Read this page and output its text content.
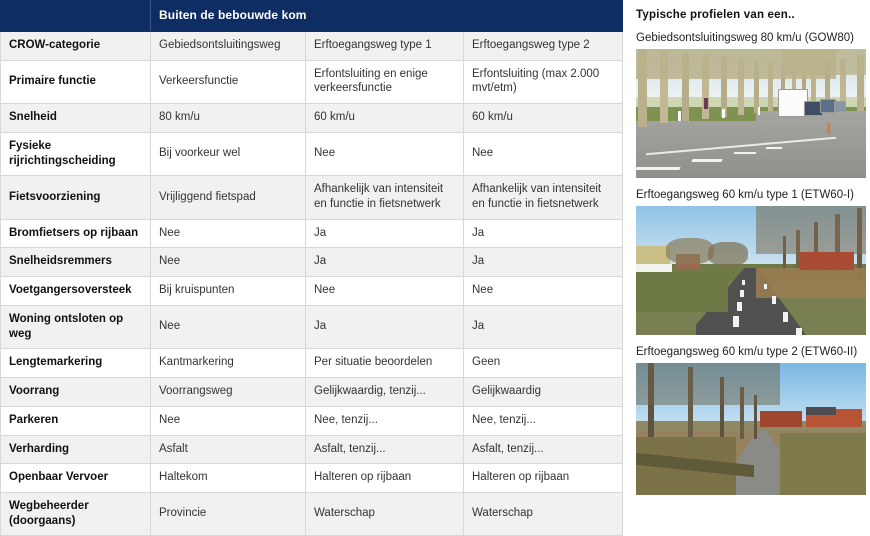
	Buiten de bebouwde kom		
CROW-categorie	Gebiedsontsluitingsweg	Erftoegangsweg type 1	Erftoegangsweg type 2
Primaire functie	Verkeersfunctie	Erfontsluiting en enige verkeersfunctie	Erfontsluiting (max 2.000 mvt/etm)
Snelheid	80 km/u	60 km/u	60 km/u
Fysieke rijrichtingscheiding	Bij voorkeur wel	Nee	Nee
Fietsvoorziening	Vrijliggend fietspad	Afhankelijk van intensiteit en functie in fietsnetwerk	Afhankelijk van intensiteit en functie in fietsnetwerk
Bromfietsers op rijbaan	Nee	Ja	Ja
Snelheidsremmers	Nee	Ja	Ja
Voetgangersoversteek	Bij kruispunten	Nee	Nee
Woning ontsloten op weg	Nee	Ja	Ja
Lengtemarkering	Kantmarkering	Per situatie beoordelen	Geen
Voorrang	Voorrangsweg	Gelijkwaardig, tenzij...	Gelijkwaardig
Parkeren	Nee	Nee, tenzij...	Nee, tenzij...
Verharding	Asfalt	Asfalt, tenzij...	Asfalt, tenzij...
Openbaar Vervoer	Haltekom	Halteren op rijbaan	Halteren op rijbaan
Wegbeheerder (doorgaans)	Provincie	Waterschap	Waterschap
Typische profielen van een..
Gebiedsontsluitingsweg 80 km/u (GOW80)
Erftoegangsweg 60 km/u type 1 (ETW60-I)
Erftoegangsweg 60 km/u type 2 (ETW60-II)
